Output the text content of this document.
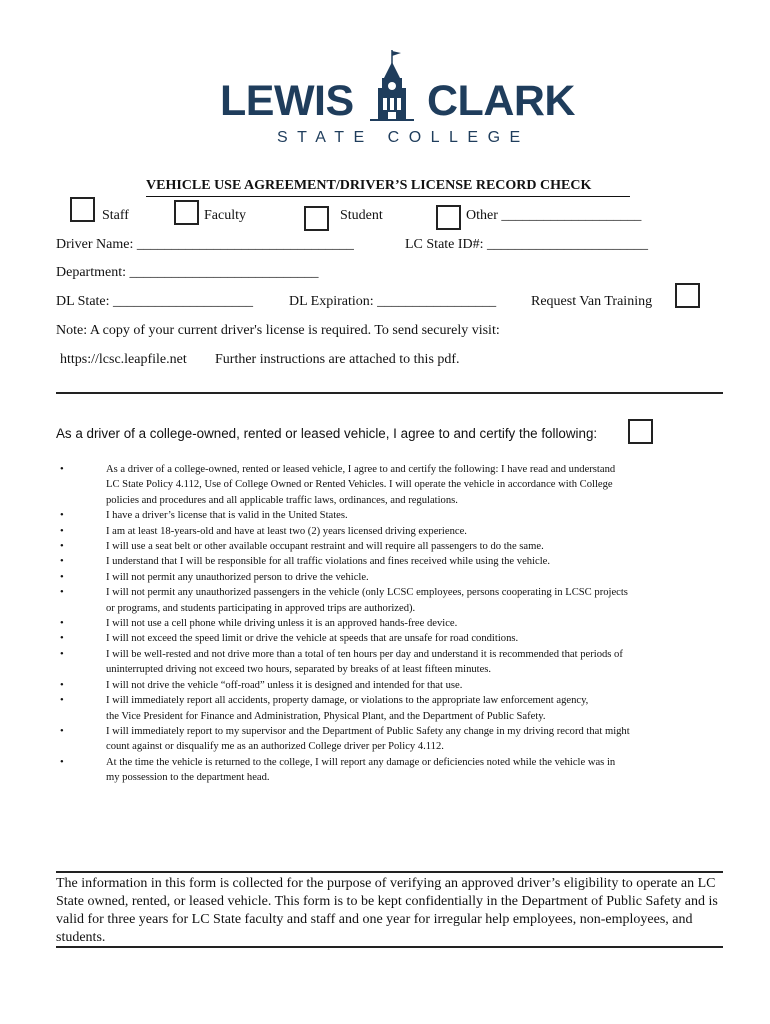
LEWIS CLARK
STATE COLLEGE
VEHICLE USE AGREEMENT/DRIVER’S LICENSE RECORD CHECK
Staff	Faculty	Student	Other ____________________
Driver Name: _______________________________	LC State ID#: _______________________
Department: ___________________________
DL State: ____________________	DL Expiration: _________________ Request Van Training
Note: A copy of your current driver's license is required. To send securely visit:
https://lcsc.leapfile.net Further instructions are attached to this pdf.
As a driver of a college-owned, rented or leased vehicle, I agree to and certify the following:
•	As a driver of a college-owned, rented or leased vehicle, I agree to and certify the following: I have read and understand
LC State Policy 4.112, Use of College Owned or Rented Vehicles. I will operate the vehicle in accordance with College
policies and procedures and all applicable traffic laws, ordinances, and regulations.
•	I have a driver’s license that is valid in the United States.
•	I am at least 18-years-old and have at least two (2) years licensed driving experience.
•	I will use a seat belt or other available occupant restraint and will require all passengers to do the same.
•	I understand that I will be responsible for all traffic violations and fines received while using the vehicle.
•	I will not permit any unauthorized person to drive the vehicle.
•	I will not permit any unauthorized passengers in the vehicle (only LCSC employees, persons cooperating in LCSC projects
or programs, and students participating in approved trips are authorized).
•	I will not use a cell phone while driving unless it is an approved hands-free device.
•	I will not exceed the speed limit or drive the vehicle at speeds that are unsafe for road conditions.
•	I will be well-rested and not drive more than a total of ten hours per day and understand it is recommended that periods of
uninterrupted driving not exceed two hours, separated by breaks of at least fifteen minutes.
•	I will not drive the vehicle “off-road” unless it is designed and intended for that use.
•	I will immediately report all accidents, property damage, or violations to the appropriate law enforcement agency,
the Vice President for Finance and Administration, Physical Plant, and the Department of Public Safety.
•	I will immediately report to my supervisor and the Department of Public Safety any change in my driving record that might
count against or disqualify me as an authorized College driver per Policy 4.112.
•	At the time the vehicle is returned to the college, I will report any damage or deficiencies noted while the vehicle was in
my possession to the department head.
The information in this form is collected for the purpose of verifying an approved driver’s eligibility to operate an LC State owned, rented, or leased vehicle. This form is to be kept confidentially in the Department of Public Safety and is valid for three years for LC State faculty and staff and one year for irregular help employees, non-employees, and students.
